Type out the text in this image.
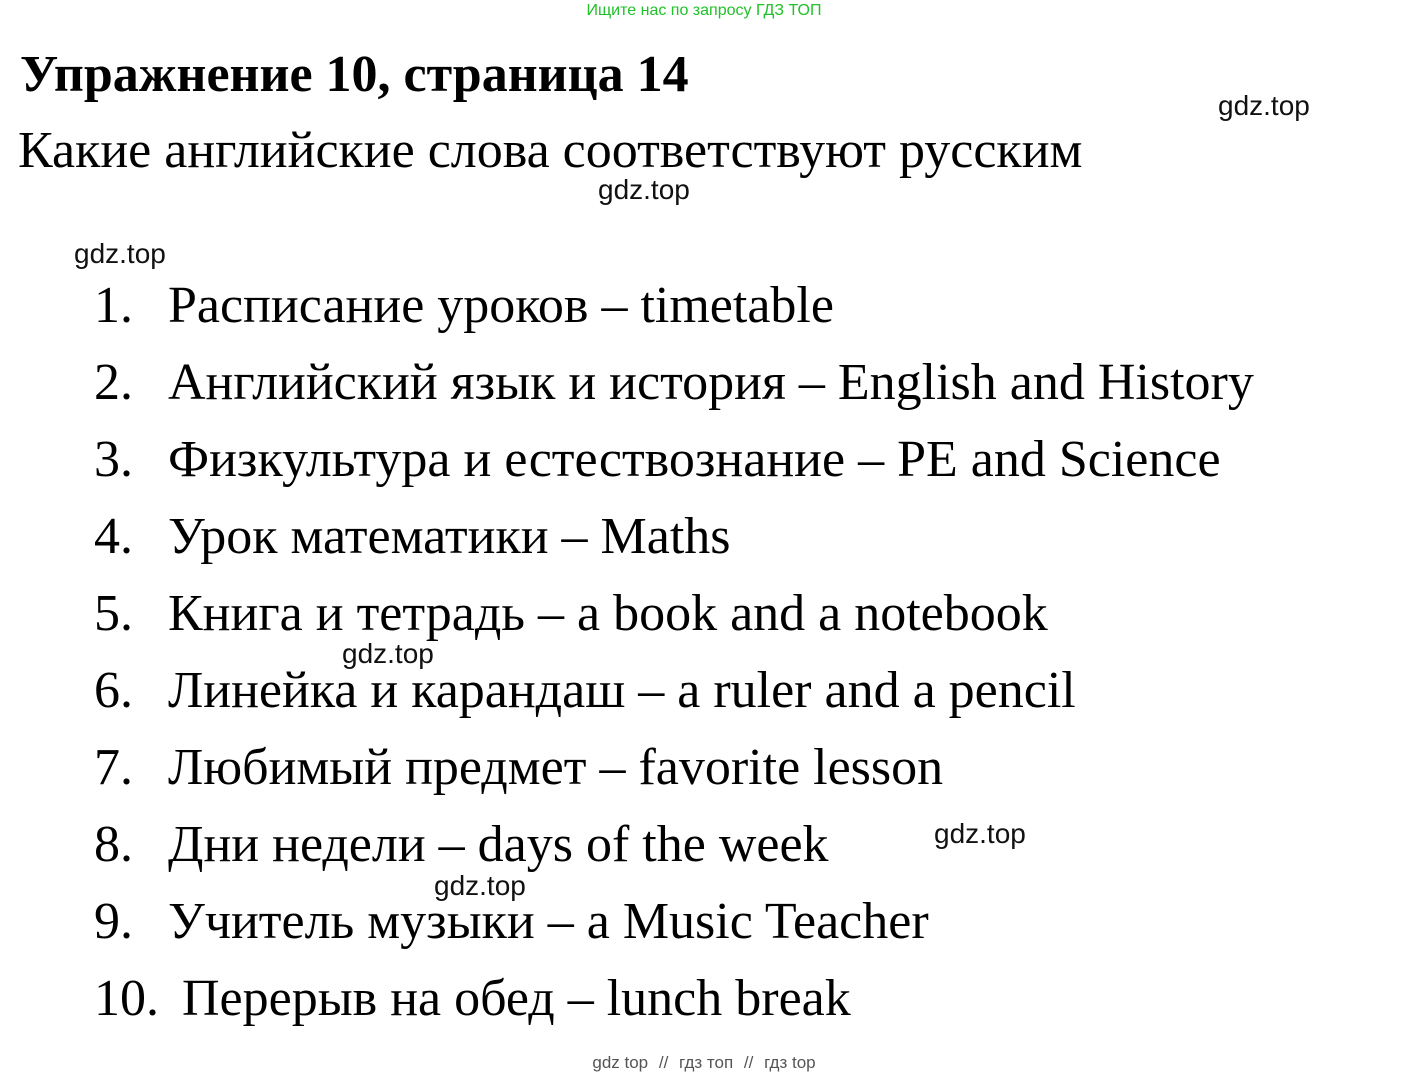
Ищите нас по запросу ГДЗ ТОП
Упражнение 10, страница 14

Какие английские слова соответствуют русским

1. Расписание уроков – timetable
2. Английский язык и история – English and History
3. Физкультура и естествознание – PE and Science
4. Урок математики – Maths
5. Книга и тетрадь – a book and a notebook
6. Линейка и карандаш – a ruler and a pencil
7. Любимый предмет – favorite lesson
8. Дни недели – days of the week
9. Учитель музыки – a Music Teacher
10. Перерыв на обед – lunch break
gdz.top
gdz.top
gdz.top
gdz.top
gdz.top
gdz.top
gdz top // гдз топ // гдз top
